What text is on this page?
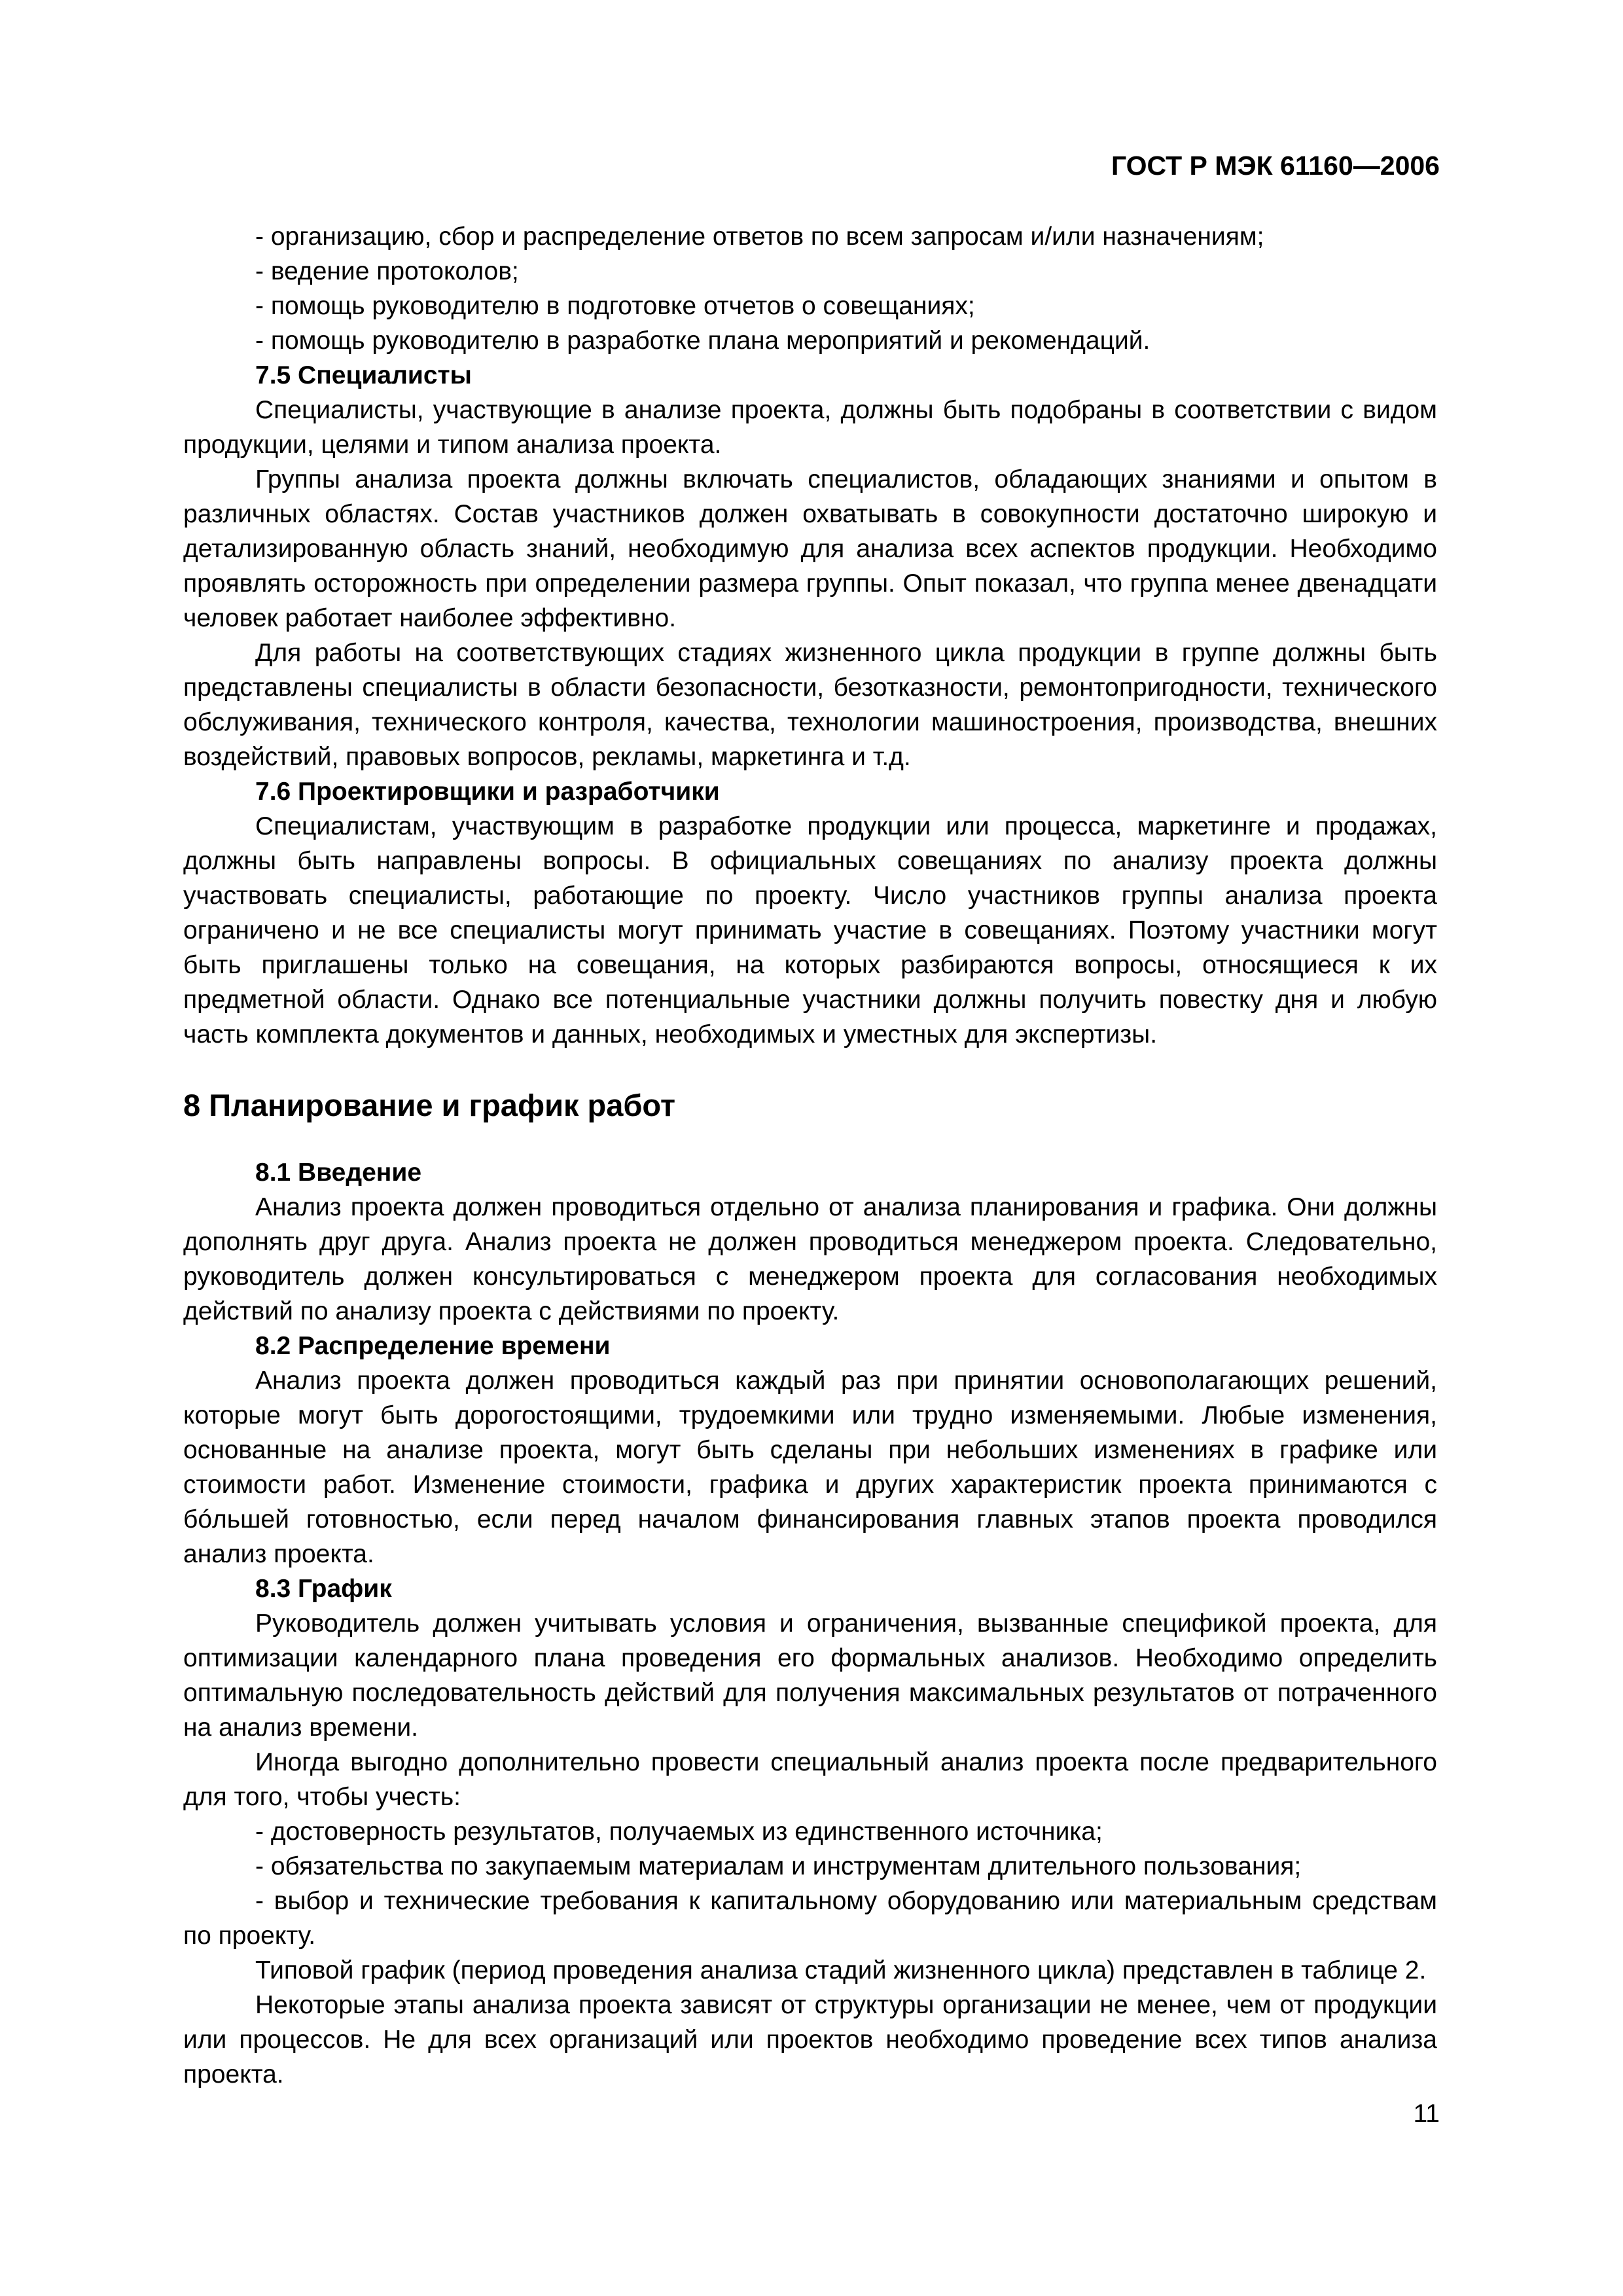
ГОСТ Р МЭК 61160—2006

- организацию, сбор и распределение ответов по всем запросам и/или назначениям;

- ведение протоколов;

- помощь руководителю в подготовке отчетов о совещаниях;

- помощь руководителю в разработке плана мероприятий и рекомендаций.

7.5 Специалисты

Специалисты, участвующие в анализе проекта, должны быть подобраны в соответствии с видом продукции, целями и типом анализа проекта.

Группы анализа проекта должны включать специалистов, обладающих знаниями и опытом в различных областях. Состав участников должен охватывать в совокупности достаточно широкую и детализированную область знаний, необходимую для анализа всех аспектов продукции. Необходимо проявлять осторожность при определении размера группы. Опыт показал, что группа менее двенадцати человек работает наиболее эффективно.

Для работы на соответствующих стадиях жизненного цикла продукции в группе должны быть представлены специалисты в области безопасности, безотказности, ремонтопригодности, технического обслуживания, технического контроля, качества, технологии машиностроения, производства, внешних воздействий, правовых вопросов, рекламы, маркетинга и т.д.

7.6 Проектировщики и разработчики

Специалистам, участвующим в разработке продукции или процесса, маркетинге и продажах, должны быть направлены вопросы. В официальных совещаниях по анализу проекта должны участвовать специалисты, работающие по проекту. Число участников группы анализа проекта ограничено и не все специалисты могут принимать участие в совещаниях. Поэтому участники могут быть приглашены только на совещания, на которых разбираются вопросы, относящиеся к их предметной области. Однако все потенциальные участники должны получить повестку дня и любую часть комплекта документов и данных, необходимых и уместных для экспертизы.

8 Планирование и график работ

8.1 Введение

Анализ проекта должен проводиться отдельно от анализа планирования и графика. Они должны дополнять друг друга. Анализ проекта не должен проводиться менеджером проекта. Следовательно, руководитель должен консультироваться с менеджером проекта для согласования необходимых действий по анализу проекта с действиями по проекту.

8.2 Распределение времени

Анализ проекта должен проводиться каждый раз при принятии основополагающих решений, которые могут быть дорогостоящими, трудоемкими или трудно изменяемыми. Любые изменения, основанные на анализе проекта, могут быть сделаны при небольших изменениях в графике или стоимости работ. Изменение стоимости, графика и других характеристик проекта принимаются с бóльшей готовностью, если перед началом финансирования главных этапов проекта проводился анализ проекта.

8.3 График

Руководитель должен учитывать условия и ограничения, вызванные спецификой проекта, для оптимизации календарного плана проведения его формальных анализов. Необходимо определить оптимальную последовательность действий для получения максимальных результатов от потраченного на анализ времени.

Иногда выгодно дополнительно провести специальный анализ проекта после предварительного для того, чтобы учесть:

- достоверность результатов, получаемых из единственного источника;

- обязательства по закупаемым материалам и инструментам длительного пользования;

- выбор и технические требования к капитальному оборудованию или материальным средствам по проекту.

Типовой график (период проведения анализа стадий жизненного цикла) представлен в таблице 2.

Некоторые этапы анализа проекта зависят от структуры организации не менее, чем от продукции или процессов. Не для всех организаций или проектов необходимо проведение всех типов анализа проекта.

11
